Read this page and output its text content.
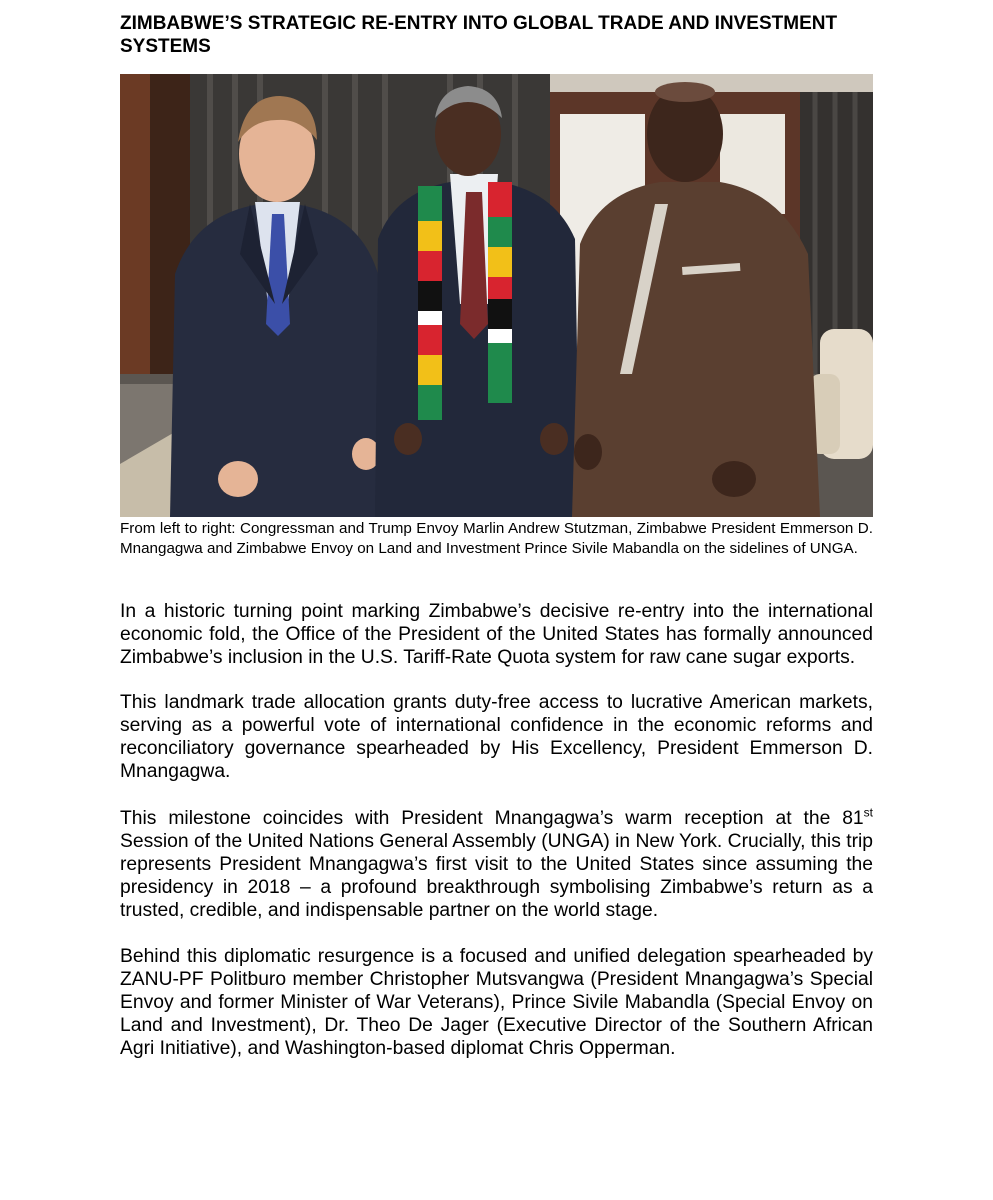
ZIMBABWE’S STRATEGIC RE-ENTRY INTO GLOBAL TRADE AND INVESTMENT SYSTEMS

From left to right: Congressman and Trump Envoy Marlin Andrew Stutzman, Zimbabwe President Emmerson D. Mnangagwa and Zimbabwe Envoy on Land and Investment Prince Sivile Mabandla on the sidelines of UNGA.

In a historic turning point marking Zimbabwe’s decisive re-entry into the international economic fold, the Office of the President of the United States has formally announced Zimbabwe’s inclusion in the U.S. Tariff-Rate Quota system for raw cane sugar exports.

This landmark trade allocation grants duty-free access to lucrative American markets, serving as a powerful vote of international confidence in the economic reforms and reconciliatory governance spearheaded by His Excellency, President Emmerson D. Mnangagwa.

This milestone coincides with President Mnangagwa’s warm reception at the 81st Session of the United Nations General Assembly (UNGA) in New York. Crucially, this trip represents President Mnangagwa’s first visit to the United States since assuming the presidency in 2018 – a profound breakthrough symbolising Zimbabwe’s return as a trusted, credible, and indispensable partner on the world stage.

Behind this diplomatic resurgence is a focused and unified delegation spearheaded by ZANU-PF Politburo member Christopher Mutsvangwa (President Mnangagwa’s Special Envoy and former Minister of War Veterans), Prince Sivile Mabandla (Special Envoy on Land and Investment), Dr. Theo De Jager (Executive Director of the Southern African Agri Initiative), and Washington-based diplomat Chris Opperman.
